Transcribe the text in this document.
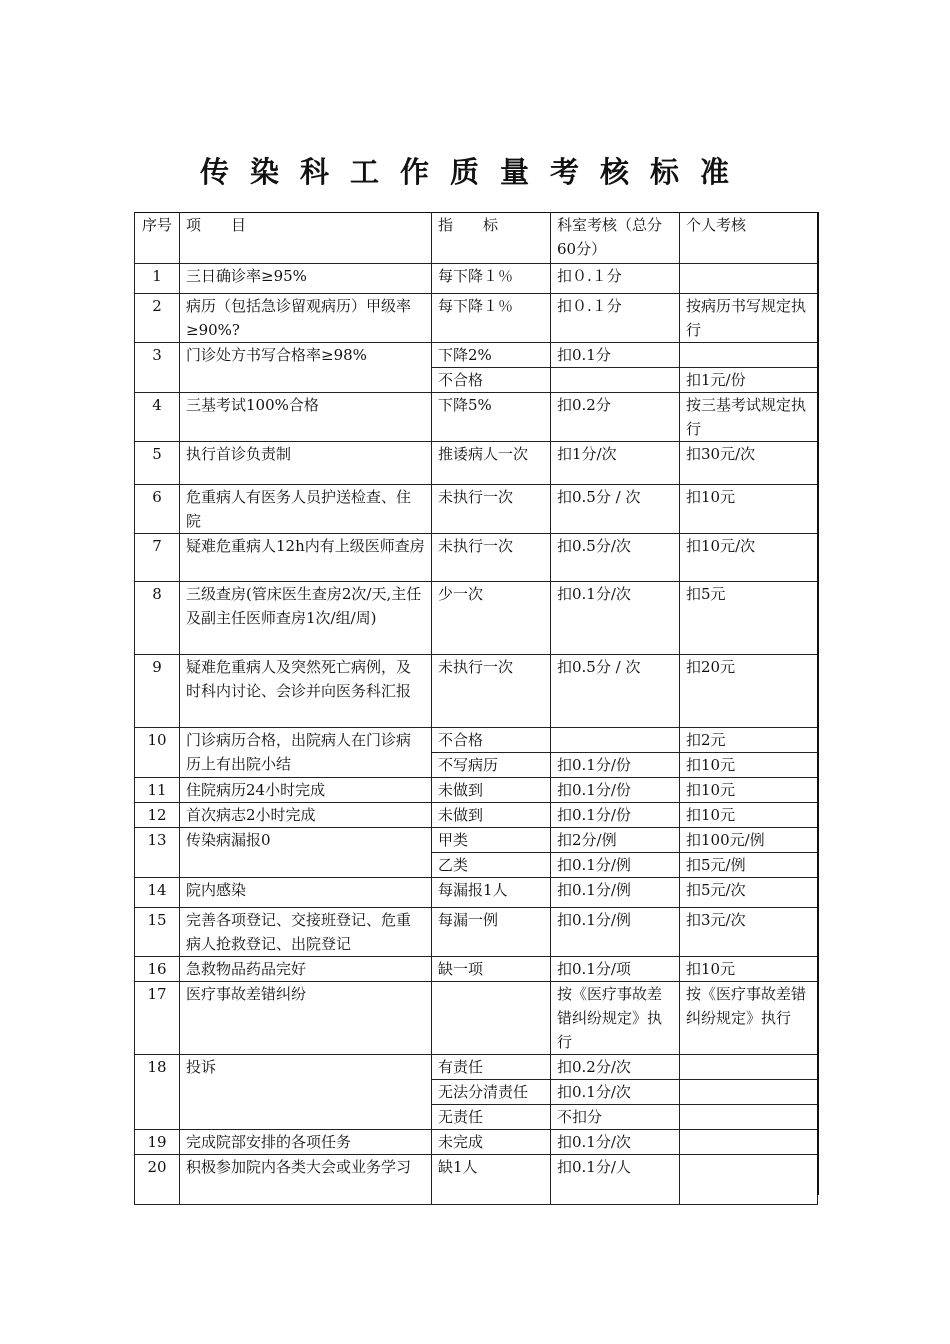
传染科工作质量考核标准
序号	项　　目	指　　标	科室考核（总分60分）	个人考核
1	三日确诊率≥95%	每下降１％	扣０.１分	
2	病历（包括急诊留观病历）甲级率≥90%?	每下降１％	扣０.１分	按病历书写规定执行
3	门诊处方书写合格率≥98%	下降2%	扣0.1分	
		不合格		扣1元/份
4	三基考试100%合格	下降5%	扣0.2分	按三基考试规定执行
5	执行首诊负责制	推诿病人一次	扣1分/次	扣30元/次
6	危重病人有医务人员护送检查、住院	未执行一次	扣0.5分 / 次	扣10元
7	疑难危重病人12h内有上级医师查房	未执行一次	扣0.5分/次	扣10元/次
8	三级查房(管床医生查房2次/天,主任及副主任医师查房1次/组/周)	少一次	扣0.1分/次	扣5元
9	疑难危重病人及突然死亡病例，及时科内讨论、会诊并向医务科汇报	未执行一次	扣0.5分 / 次	扣20元
10	门诊病历合格，出院病人在门诊病历上有出院小结	不合格		扣2元
		不写病历	扣0.1分/份	扣10元
11	住院病历24小时完成	未做到	扣0.1分/份	扣10元
12	首次病志2小时完成	未做到	扣0.1分/份	扣10元
13	传染病漏报0	甲类	扣2分/例	扣100元/例
		乙类	扣0.1分/例	扣5元/例
14	院内感染	每漏报1人	扣0.1分/例	扣5元/次
15	完善各项登记、交接班登记、危重病人抢救登记、出院登记	每漏一例	扣0.1分/例	扣3元/次
16	急救物品药品完好	缺一项	扣0.1分/项	扣10元
17	医疗事故差错纠纷		按《医疗事故差错纠纷规定》执行	按《医疗事故差错纠纷规定》执行
18	投诉	有责任	扣0.2分/次	
		无法分清责任	扣0.1分/次	
		无责任	不扣分	
19	完成院部安排的各项任务	未完成	扣0.1分/次	
20	积极参加院内各类大会或业务学习	缺1人	扣0.1分/人	
